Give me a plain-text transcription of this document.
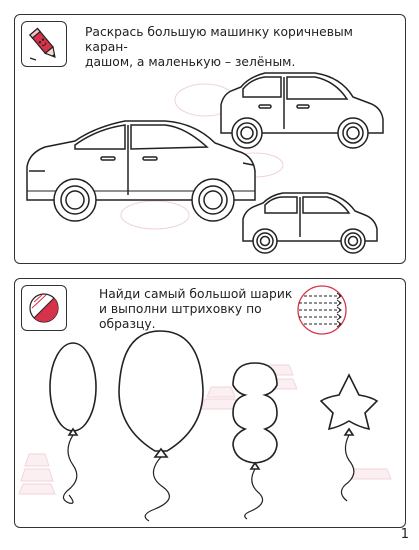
Раскрась большую машинку коричневым каран-
дашом, а маленькую – зелёным.

Найди самый большой шарик
и выполни штриховку по образцу.

1
